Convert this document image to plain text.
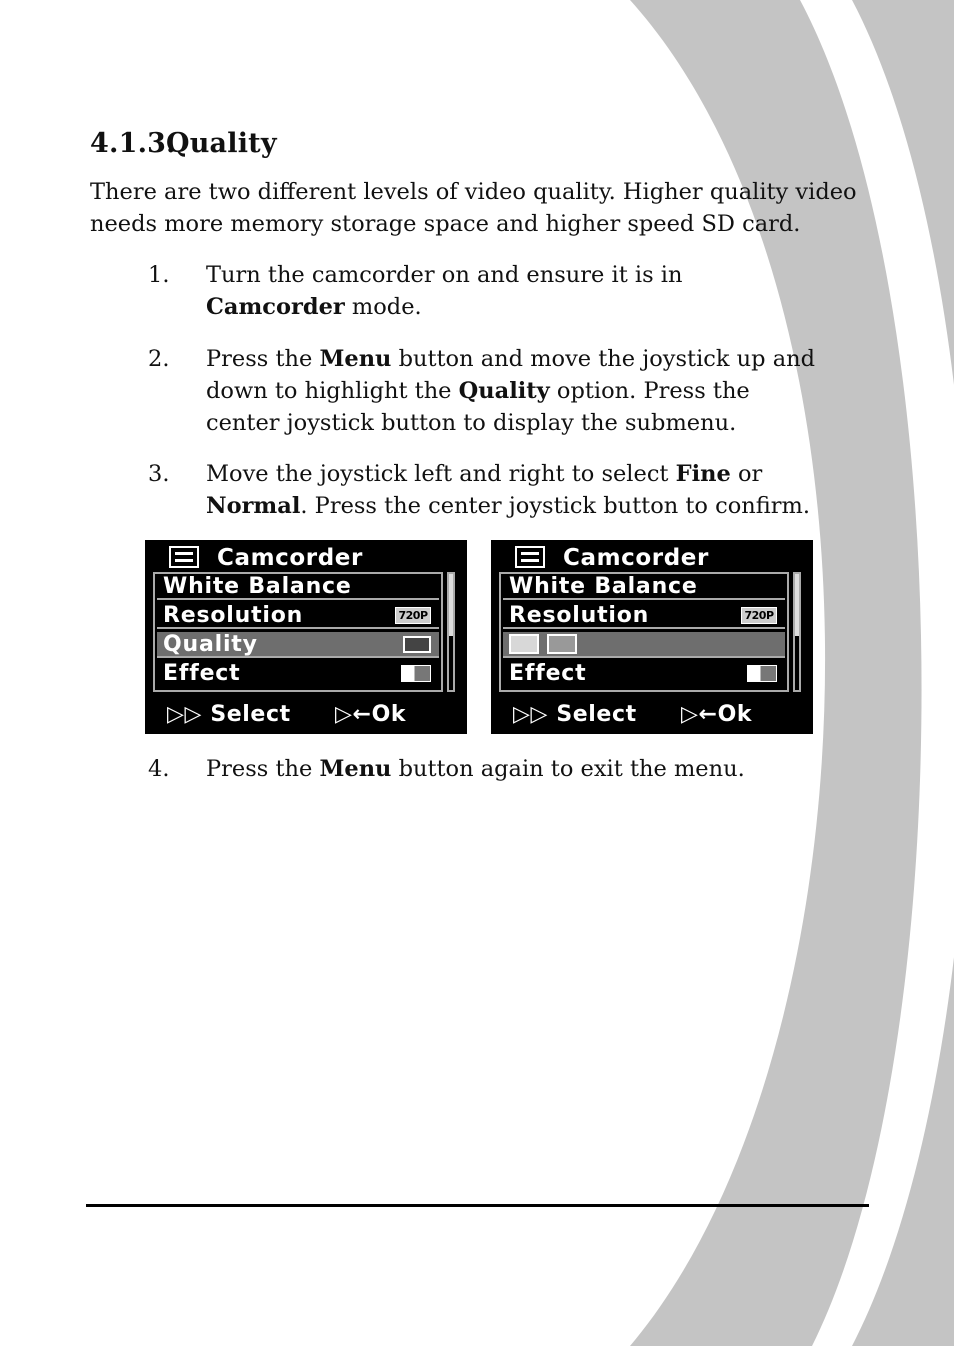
4.1.3.Quality
There are two different levels of video quality. Higher quality video needs more memory storage space and higher speed SD card.
1.	Turn the camcorder on and ensure it is in Camcorder mode.
2.	Press the Menu button and move the joystick up and down to highlight the Quality option. Press the center joystick button to display the submenu.
3.	Move the joystick left and right to select Fine or Normal. Press the center joystick button to confirm.
Camcorder
White Balance	A
Resolution	720P
Quality
Effect
▷▷ Select ▷←Ok
Camcorder
White Balance	A
Resolution	720P
Effect
▷▷ Select ▷←Ok
4.	Press the Menu button again to exit the menu.
